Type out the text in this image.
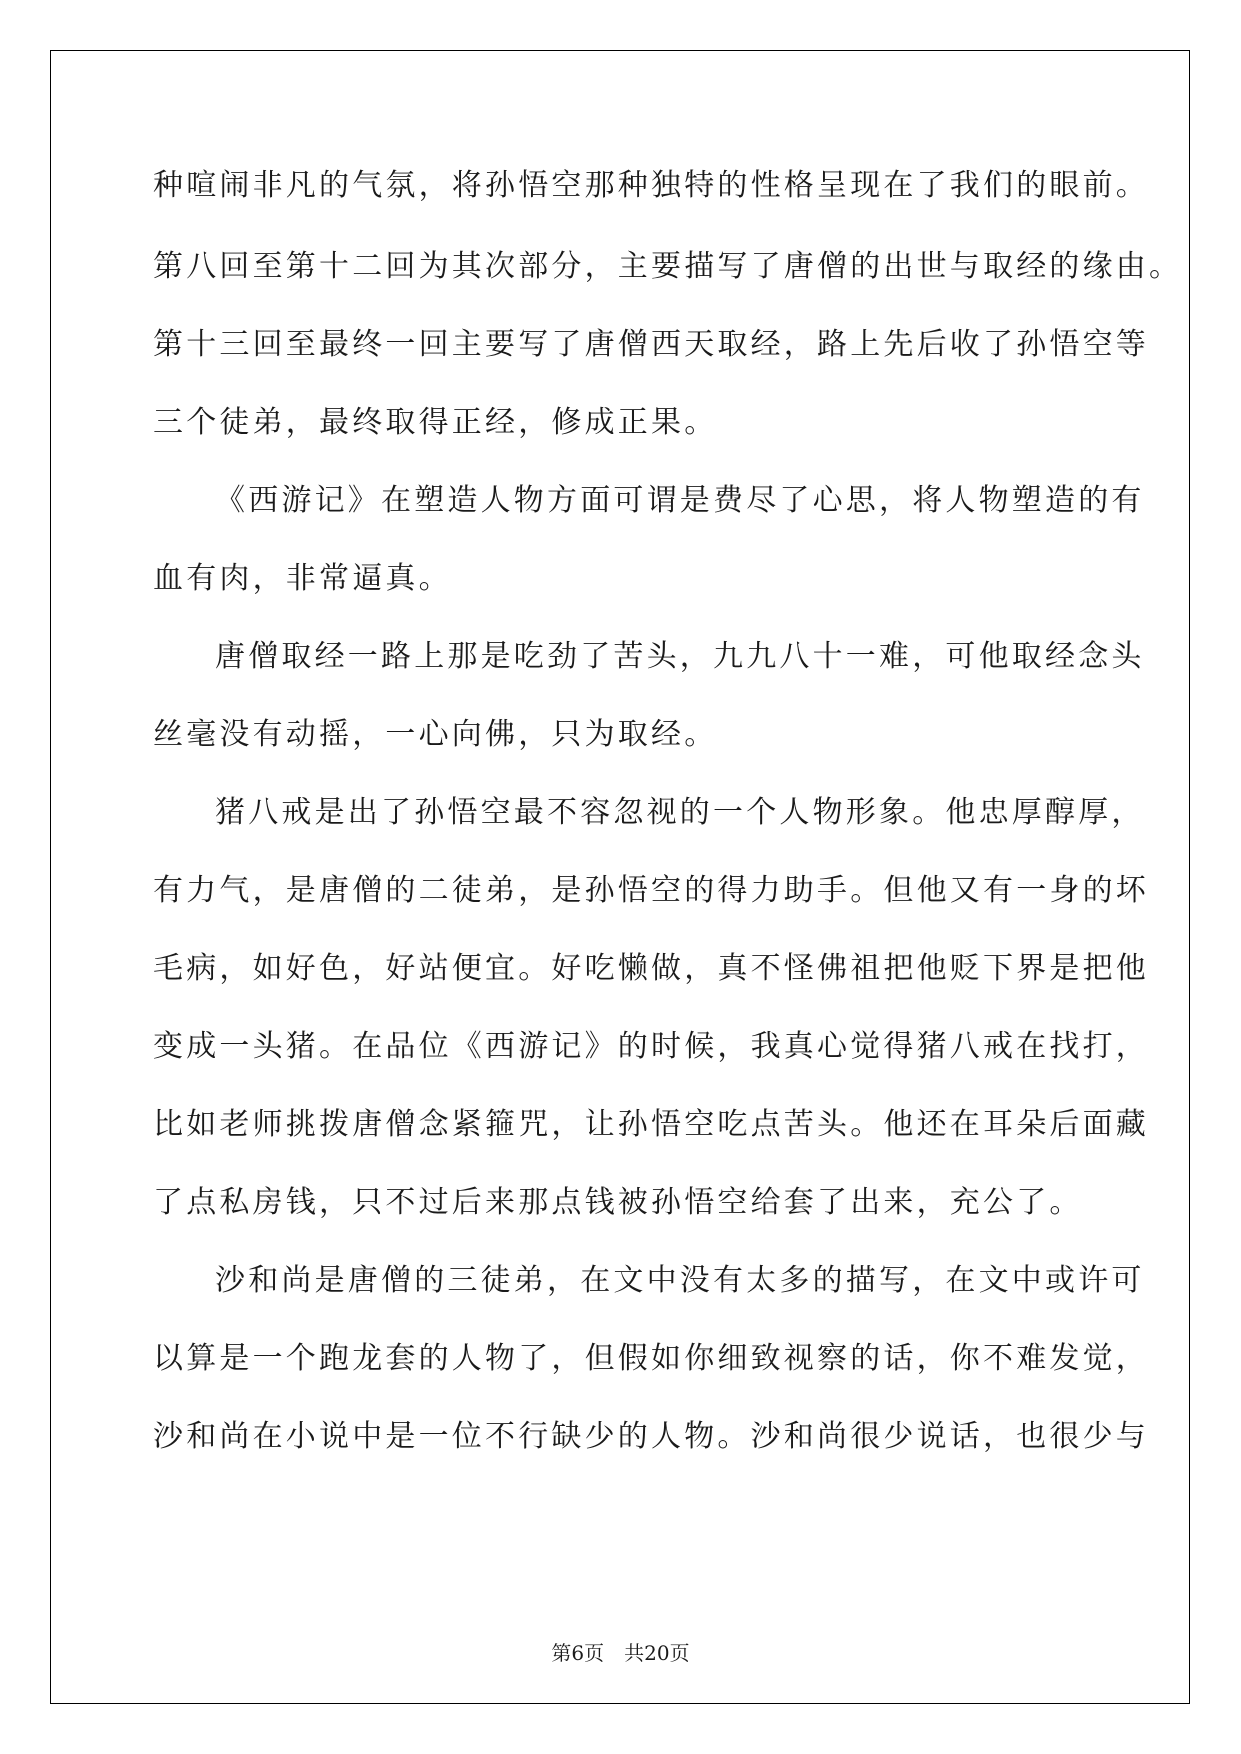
种喧闹非凡的气氛，将孙悟空那种独特的性格呈现在了我们的眼前。
第八回至第十二回为其次部分，主要描写了唐僧的出世与取经的缘由。
第十三回至最终一回主要写了唐僧西天取经，路上先后收了孙悟空等
三个徒弟，最终取得正经，修成正果。
《西游记》在塑造人物方面可谓是费尽了心思，将人物塑造的有
血有肉，非常逼真。
唐僧取经一路上那是吃劲了苦头，九九八十一难，可他取经念头
丝毫没有动摇，一心向佛，只为取经。
猪八戒是出了孙悟空最不容忽视的一个人物形象。他忠厚醇厚，
有力气，是唐僧的二徒弟，是孙悟空的得力助手。但他又有一身的坏
毛病，如好色，好站便宜。好吃懒做，真不怪佛祖把他贬下界是把他
变成一头猪。在品位《西游记》的时候，我真心觉得猪八戒在找打，
比如老师挑拨唐僧念紧箍咒，让孙悟空吃点苦头。他还在耳朵后面藏
了点私房钱，只不过后来那点钱被孙悟空给套了出来，充公了。
沙和尚是唐僧的三徒弟，在文中没有太多的描写，在文中或许可
以算是一个跑龙套的人物了，但假如你细致视察的话，你不难发觉，
沙和尚在小说中是一位不行缺少的人物。沙和尚很少说话，也很少与
第6页 共20页
